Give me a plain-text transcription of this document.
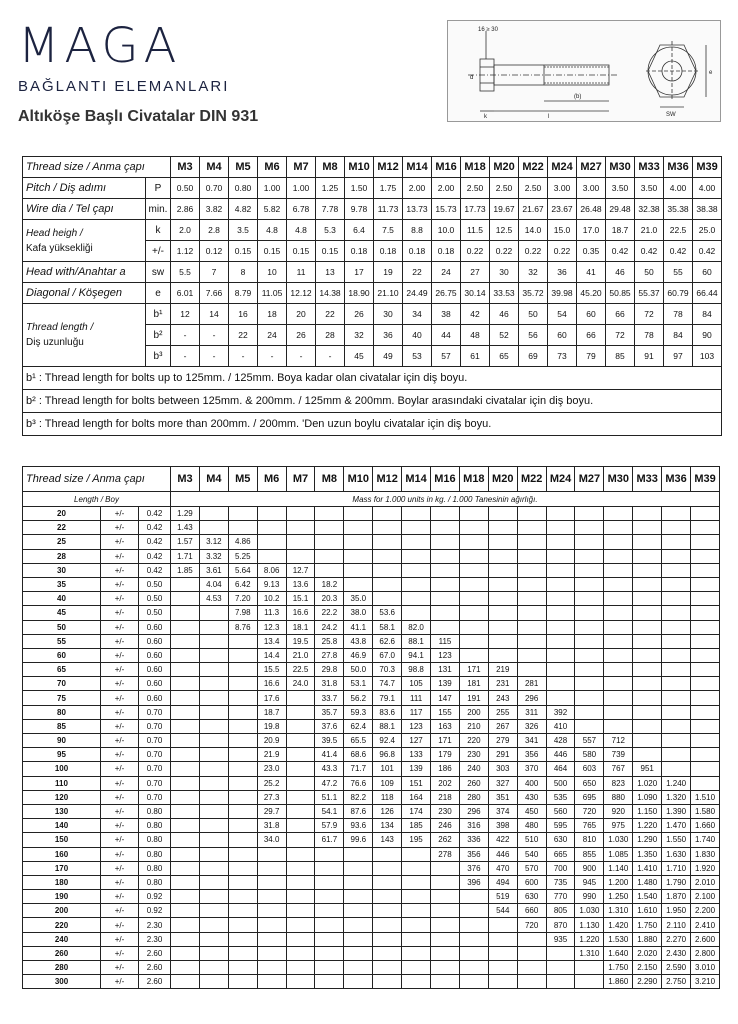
MAGA
BAĞLANTI ELEMANLARI
Altıköşe Başlı Civatalar DIN 931
16 ≥ 30
d
(b)
k	l	SW
e
Thread size / Anma çapı		M3	M4	M5	M6	M7	M8	M10	M12	M14	M16	M18	M20	M22	M24	M27	M30	M33	M36	M39
Pitch / Diş adımı	P	0.50	0.70	0.80	1.00	1.00	1.25	1.50	1.75	2.00	2.00	2.50	2.50	2.50	3.00	3.00	3.50	3.50	4.00	4.00
Wire dia / Tel çapı	min.	2.86	3.82	4.82	5.82	6.78	7.78	9.78	11.73	13.73	15.73	17.73	19.67	21.67	23.67	26.48	29.48	32.38	35.38	38.38

Head heigh /
Kafa yüksekliği	k	2.0	2.8	3.5	4.8	4.8	5.3	6.4	7.5	8.8	10.0	11.5	12.5	14.0	15.0	17.0	18.7	21.0	22.5	25.0
	+/-	1.12	0.12	0.15	0.15	0.15	0.15	0.18	0.18	0.18	0.18	0.22	0.22	0.22	0.22	0.35	0.42	0.42	0.42	0.42
Head with/Anahtar a	sw	5.5	7	8	10	11	13	17	19	22	24	27	30	32	36	41	46	50	55	60
Diagonal / Köşegen	e	6.01	7.66	8.79	11.05	12.12	14.38	18.90	21.10	24.49	26.75	30.14	33.53	35.72	39.98	45.20	50.85	55.37	60.79	66.44

Thread length /
Diş uzunluğu	b¹	12	14	16	18	20	22	26	30	34	38	42	46	50	54	60	66	72	78	84
	b²	-	-	22	24	26	28	32	36	40	44	48	52	56	60	66	72	78	84	90
	b³	-	-	-	-	-	-	45	49	53	57	61	65	69	73	79	85	91	97	103
b¹ : Thread length for bolts up to 125mm. / 125mm. Boya kadar olan civatalar için diş boyu.																				
b² : Thread length for bolts between 125mm. & 200mm. / 125mm & 200mm. Boylar arasındaki civatalar için diş boyu.																				
b³ : Thread length for bolts more than 200mm. / 200mm. 'Den uzun boylu civatalar için diş boyu.																				
Thread size / Anma çapı			M3	M4	M5	M6	M7	M8	M10	M12	M14	M16	M18	M20	M22	M24	M27	M30	M33	M36	M39
Length / Boy			Mass for 1.000 units in kg. / 1.000 Tanesinin ağırlığı.																		
20	+/-	0.42	1.29																		
22	+/-	0.42	1.43																		
25	+/-	0.42	1.57	3.12	4.86																
28	+/-	0.42	1.71	3.32	5.25																
30	+/-	0.42	1.85	3.61	5.64	8.06	12.7														
35	+/-	0.50		4.04	6.42	9.13	13.6	18.2													
40	+/-	0.50		4.53	7.20	10.2	15.1	20.3	35.0												
45	+/-	0.50			7.98	11.3	16.6	22.2	38.0	53.6											
50	+/-	0.60			8.76	12.3	18.1	24.2	41.1	58.1	82.0										
55	+/-	0.60				13.4	19.5	25.8	43.8	62.6	88.1	115									
60	+/-	0.60				14.4	21.0	27.8	46.9	67.0	94.1	123									
65	+/-	0.60				15.5	22.5	29.8	50.0	70.3	98.8	131	171	219							
70	+/-	0.60				16.6	24.0	31.8	53.1	74.7	105	139	181	231	281						
75	+/-	0.60				17.6		33.7	56.2	79.1	111	147	191	243	296						
80	+/-	0.70				18.7		35.7	59.3	83.6	117	155	200	255	311	392					
85	+/-	0.70				19.8		37.6	62.4	88.1	123	163	210	267	326	410					
90	+/-	0.70				20.9		39.5	65.5	92.4	127	171	220	279	341	428	557	712			
95	+/-	0.70				21.9		41.4	68.6	96.8	133	179	230	291	356	446	580	739			
100	+/-	0.70				23.0		43.3	71.7	101	139	186	240	303	370	464	603	767	951		
110	+/-	0.70				25.2		47.2	76.6	109	151	202	260	327	400	500	650	823	1.020	1.240	
120	+/-	0.70				27.3		51.1	82.2	118	164	218	280	351	430	535	695	880	1.090	1.320	1.510
130	+/-	0.80				29.7		54.1	87.6	126	174	230	296	374	450	560	720	920	1.150	1.390	1.580
140	+/-	0.80				31.8		57.9	93.6	134	185	246	316	398	480	595	765	975	1.220	1.470	1.660
150	+/-	0.80				34.0		61.7	99.6	143	195	262	336	422	510	630	810	1.030	1.290	1.550	1.740
160	+/-	0.80										278	356	446	540	665	855	1.085	1.350	1.630	1.830
170	+/-	0.80											376	470	570	700	900	1.140	1.410	1.710	1.920
180	+/-	0.80											396	494	600	735	945	1.200	1.480	1.790	2.010
190	+/-	0.92												519	630	770	990	1.250	1.540	1.870	2.100
200	+/-	0.92												544	660	805	1.030	1.310	1.610	1.950	2.200
220	+/-	2.30													720	870	1.130	1.420	1.750	2.110	2.410
240	+/-	2.30														935	1.220	1.530	1.880	2.270	2.600
260	+/-	2.60															1.310	1.640	2.020	2.430	2.800
280	+/-	2.60																1.750	2.150	2.590	3.010
300	+/-	2.60																1.860	2.290	2.750	3.210
